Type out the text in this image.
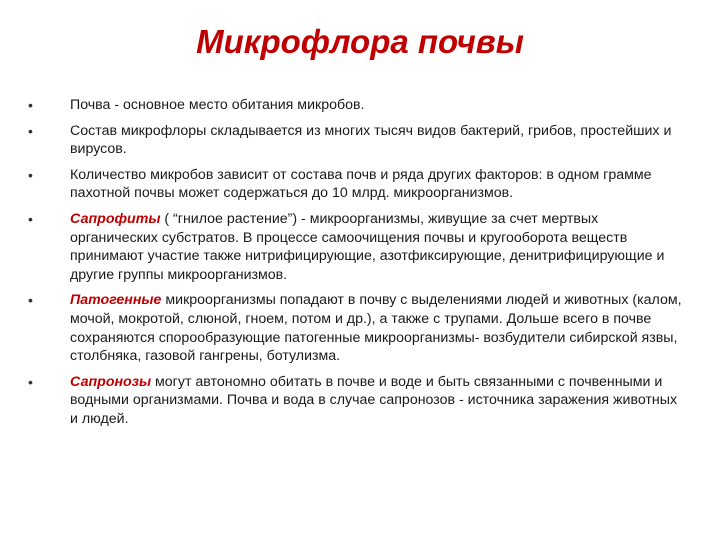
Микрофлора почвы
•	Почва - основное место обитания микробов.
•	Состав микрофлоры складывается из многих тысяч видов бактерий, грибов, простейших и вирусов.
•	Количество микробов зависит от состава почв и ряда других факторов: в одном грамме пахотной почвы может содержаться до 10 млрд. микроорганизмов.
•	Сапрофиты ( “гнилое растение”) - микроорганизмы, живущие за счет мертвых органических субстратов. В процессе самоочищения почвы и кругооборота веществ принимают участие также нитрифицирующие, азотфиксирующие, денитрифицирующие и другие группы микроорганизмов.
•	Патогенные микроорганизмы попадают в почву с выделениями людей и животных (калом, мочой, мокротой, слюной, гноем, потом и др.), а также с трупами. Дольше всего в почве сохраняются спорообразующие патогенные микроорганизмы- возбудители сибирской язвы, столбняка, газовой гангрены, ботулизма.
•	Сапронозы могут автономно обитать в почве и воде и быть связанными с почвенными и водными организмами. Почва и вода в случае сапронозов - источника заражения животных и людей.
